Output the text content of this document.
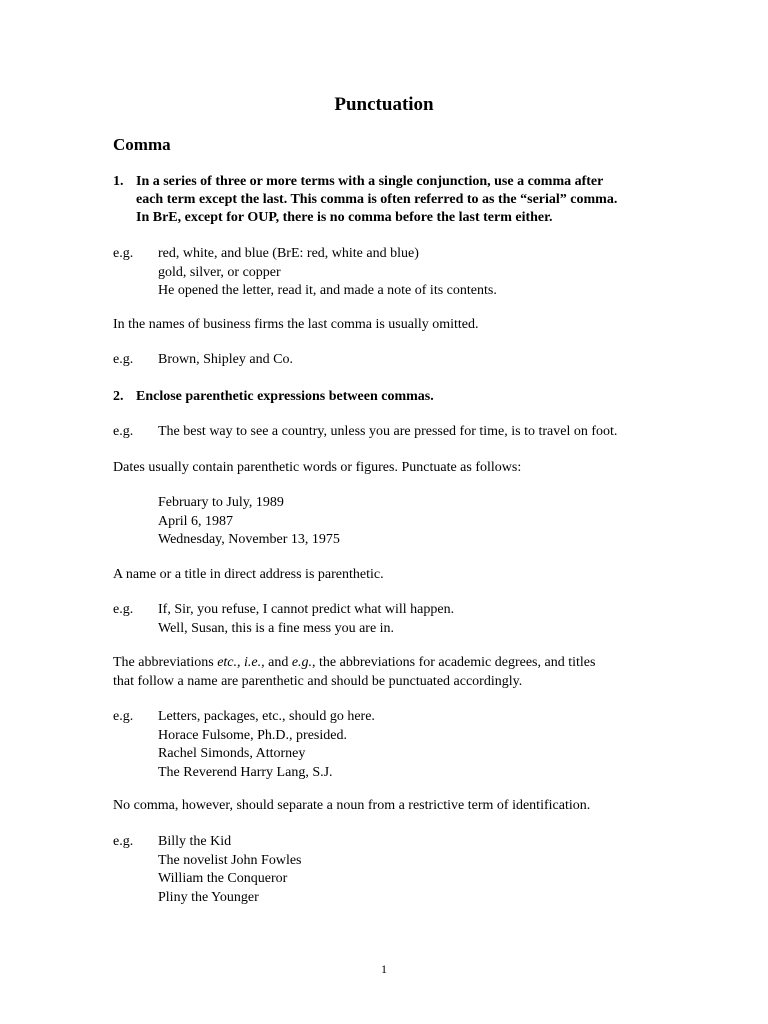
Punctuation
Comma
1. In a series of three or more terms with a single conjunction, use a comma after
each term except the last. This comma is often referred to as the “serial” comma.
In BrE, except for OUP, there is no comma before the last term either.
e.g. red, white, and blue (BrE: red, white and blue)
gold, silver, or copper
He opened the letter, read it, and made a note of its contents.
In the names of business firms the last comma is usually omitted.
e.g. Brown, Shipley and Co.
2. Enclose parenthetic expressions between commas.
e.g. The best way to see a country, unless you are pressed for time, is to travel on foot.
Dates usually contain parenthetic words or figures. Punctuate as follows:
February to July, 1989
April 6, 1987
Wednesday, November 13, 1975
A name or a title in direct address is parenthetic.
e.g. If, Sir, you refuse, I cannot predict what will happen.
Well, Susan, this is a fine mess you are in.
The abbreviations etc., i.e., and e.g., the abbreviations for academic degrees, and titles
that follow a name are parenthetic and should be punctuated accordingly.
e.g. Letters, packages, etc., should go here.
Horace Fulsome, Ph.D., presided.
Rachel Simonds, Attorney
The Reverend Harry Lang, S.J.
No comma, however, should separate a noun from a restrictive term of identification.
e.g. Billy the Kid
The novelist John Fowles
William the Conqueror
Pliny the Younger
1
